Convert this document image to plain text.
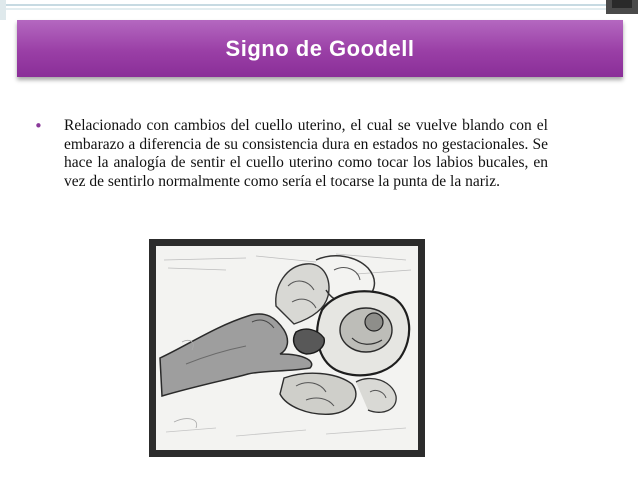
Signo de Goodell
•	Relacionado con cambios del cuello uterino, el cual se vuelve blando con el embarazo a diferencia de su consistencia dura en estados no gestacionales. Se hace la analogía de sentir el cuello uterino como tocar los labios bucales, en vez de sentirlo normalmente como sería el tocarse la punta de la nariz.
